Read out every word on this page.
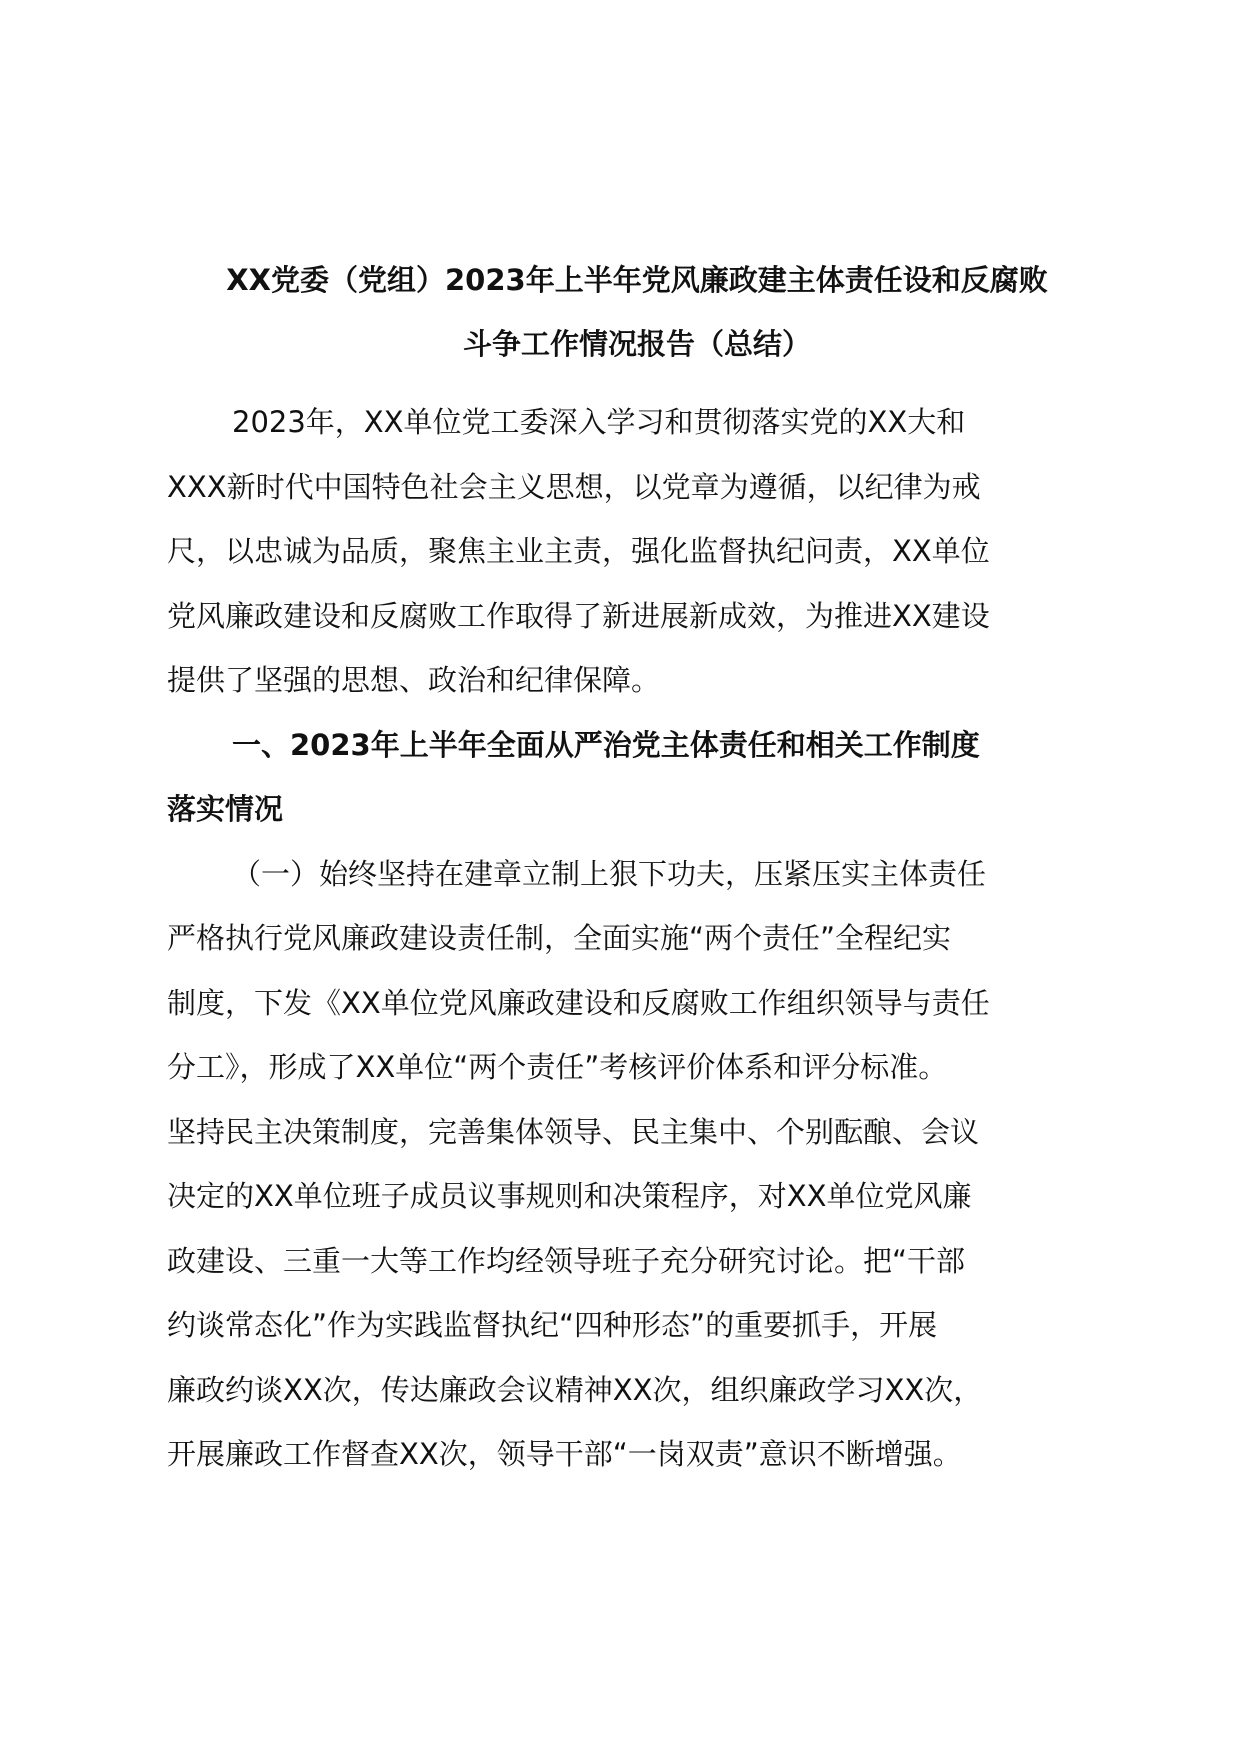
XX党委（党组）2023年上半年党风廉政建主体责任设和反腐败
斗争工作情况报告（总结）
2023年，XX单位党工委深入学习和贯彻落实党的XX大和
XXX新时代中国特色社会主义思想，以党章为遵循，以纪律为戒
尺，以忠诚为品质，聚焦主业主责，强化监督执纪问责，XX单位
党风廉政建设和反腐败工作取得了新进展新成效，为推进XX建设
提供了坚强的思想、政治和纪律保障。
一、2023年上半年全面从严治党主体责任和相关工作制度
落实情况
（一）始终坚持在建章立制上狠下功夫，压紧压实主体责任
严格执行党风廉政建设责任制，全面实施“两个责任”全程纪实
制度，下发《XX单位党风廉政建设和反腐败工作组织领导与责任
分工》，形成了XX单位“两个责任”考核评价体系和评分标准。
坚持民主决策制度，完善集体领导、民主集中、个别酝酿、会议
决定的XX单位班子成员议事规则和决策程序，对XX单位党风廉
政建设、三重一大等工作均经领导班子充分研究讨论。把“干部
约谈常态化”作为实践监督执纪“四种形态”的重要抓手，开展
廉政约谈XX次，传达廉政会议精神XX次，组织廉政学习XX次，
开展廉政工作督查XX次，领导干部“一岗双责”意识不断增强。
